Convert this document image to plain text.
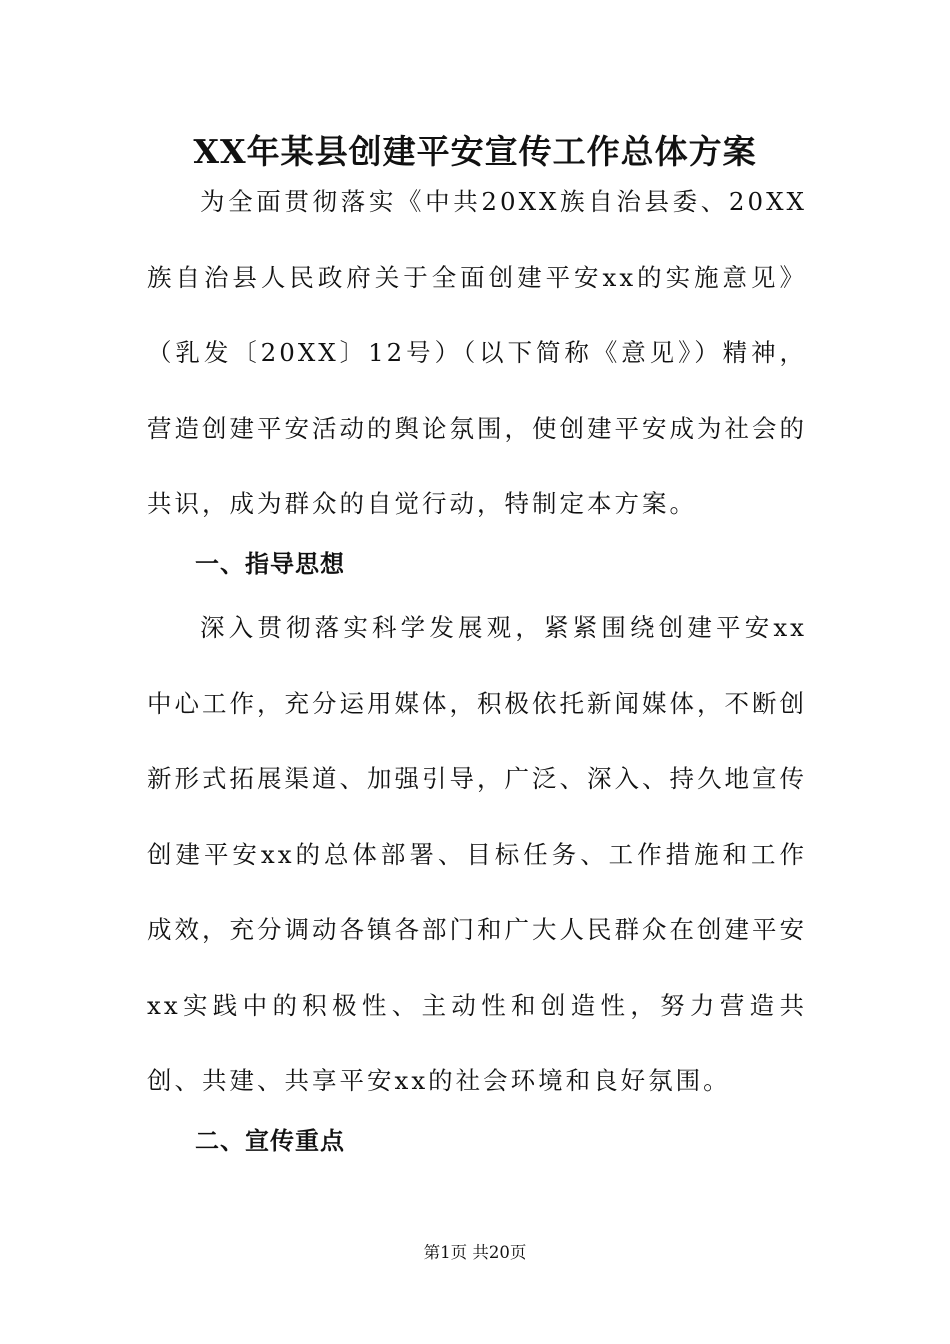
XX年某县创建平安宣传工作总体方案
为全面贯彻落实《中共20XX族自治县委、20XX族自治县人民政府关于全面创建平安xx的实施意见》（乳发〔20XX〕12号）（以下简称《意见》）精神，营造创建平安活动的舆论氛围，使创建平安成为社会的共识，成为群众的自觉行动，特制定本方案。
一、指导思想
深入贯彻落实科学发展观，紧紧围绕创建平安xx中心工作，充分运用媒体，积极依托新闻媒体，不断创新形式拓展渠道、加强引导，广泛、深入、持久地宣传创建平安xx的总体部署、目标任务、工作措施和工作成效，充分调动各镇各部门和广大人民群众在创建平安xx实践中的积极性、主动性和创造性，努力营造共创、共建、共享平安xx的社会环境和良好氛围。
二、宣传重点
第1页 共20页
